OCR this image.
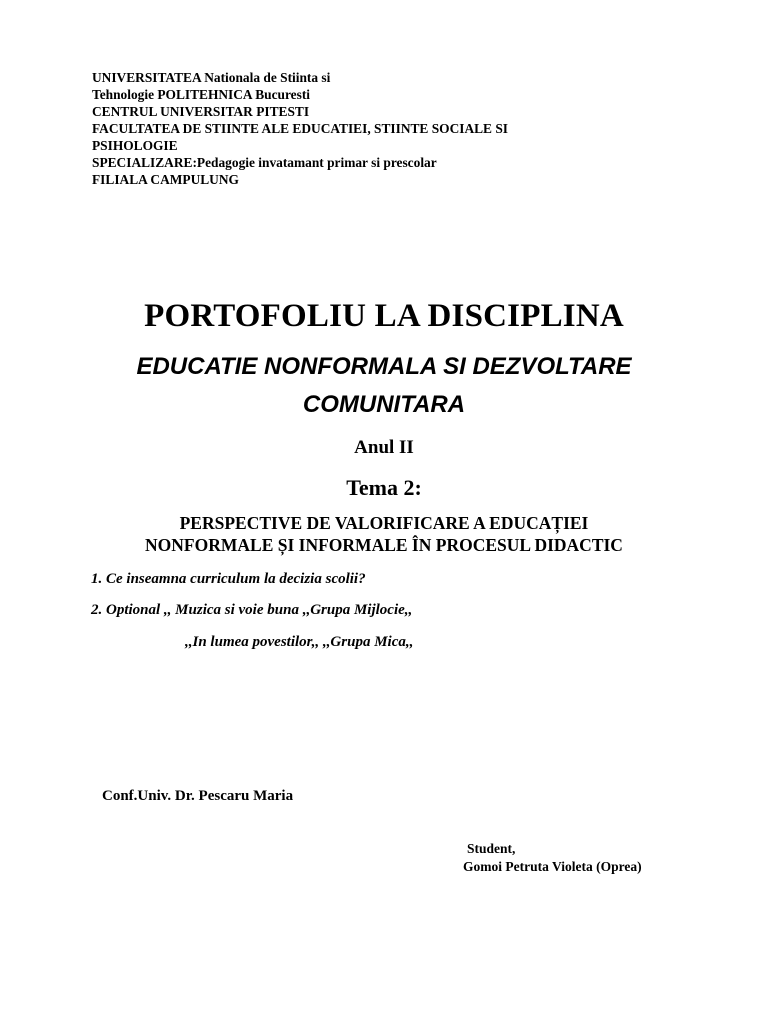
UNIVERSITATEA Nationala de Stiinta si
Tehnologie POLITEHNICA Bucuresti
CENTRUL UNIVERSITAR PITESTI
FACULTATEA DE STIINTE ALE EDUCATIEI, STIINTE SOCIALE SI
PSIHOLOGIE
SPECIALIZARE:Pedagogie invatamant primar si prescolar
FILIALA CAMPULUNG
PORTOFOLIU LA DISCIPLINA
EDUCATIE NONFORMALA SI DEZVOLTARE
COMUNITARA
Anul II
Tema 2:
PERSPECTIVE DE VALORIFICARE A EDUCAȚIEI
NONFORMALE ȘI INFORMALE ÎN PROCESUL DIDACTIC
1. Ce inseamna curriculum la decizia scolii?
2. Optional ,, Muzica si voie buna ,,Grupa Mijlocie,,
,,In lumea povestilor,, ,,Grupa Mica,,
Conf.Univ. Dr. Pescaru Maria
Student,
Gomoi Petruta Violeta (Oprea)
